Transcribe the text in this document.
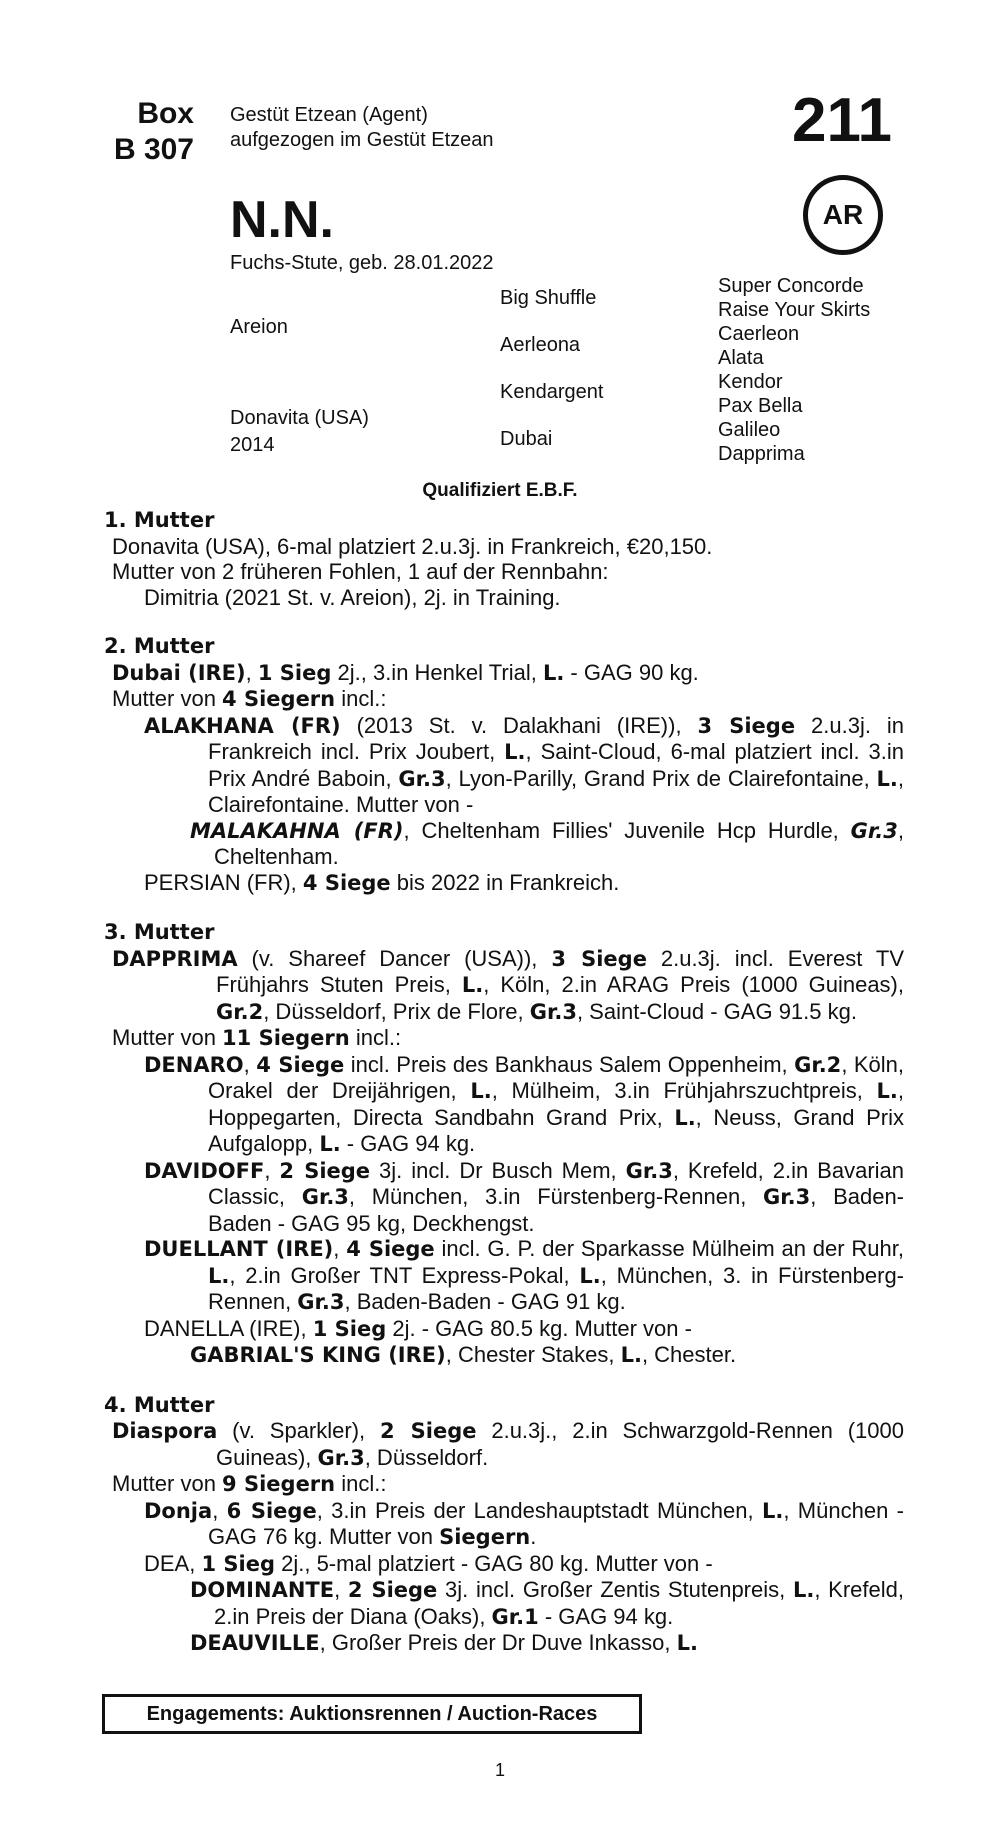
Box
B 307
Gestüt Etzean (Agent)
aufgezogen im Gestüt Etzean	211
AR
N.N.
Fuchs-Stute, geb. 28.01.2022
Areion
Donavita (USA)
2014
Big Shuffle
Aerleona
Kendargent
Dubai
Super Concorde
Raise Your Skirts
Caerleon
Alata
Kendor
Pax Bella
Galileo
Dapprima
Qualifiziert E.B.F.
1. Mutter
Donavita (USA), 6-mal platziert 2.u.3j. in Frankreich, €20,150.
Mutter von 2 früheren Fohlen, 1 auf der Rennbahn:
Dimitria (2021 St. v. Areion), 2j. in Training.
2. Mutter
Dubai (IRE), 1 Sieg 2j., 3.in Henkel Trial, L. - GAG 90 kg.
Mutter von 4 Siegern incl.:
ALAKHANA (FR) (2013 St. v. Dalakhani (IRE)), 3 Siege 2.u.3j. in Frankreich incl. Prix Joubert, L., Saint-Cloud, 6-mal platziert incl. 3.in Prix André Baboin, Gr.3, Lyon-Parilly, Grand Prix de Clairefontaine, L., Clairefontaine. Mutter von -
MALAKAHNA (FR), Cheltenham Fillies' Juvenile Hcp Hurdle, Gr.3, Cheltenham.
PERSIAN (FR), 4 Siege bis 2022 in Frankreich.
3. Mutter
DAPPRIMA (v. Shareef Dancer (USA)), 3 Siege 2.u.3j. incl. Everest TV Frühjahrs Stuten Preis, L., Köln, 2.in ARAG Preis (1000 Guineas), Gr.2, Düsseldorf, Prix de Flore, Gr.3, Saint-Cloud - GAG 91.5 kg.
Mutter von 11 Siegern incl.:
DENARO, 4 Siege incl. Preis des Bankhaus Salem Oppenheim, Gr.2, Köln, Orakel der Dreijährigen, L., Mülheim, 3.in Frühjahrszuchtpreis, L., Hoppegarten, Directa Sandbahn Grand Prix, L., Neuss, Grand Prix Aufgalopp, L. - GAG 94 kg.
DAVIDOFF, 2 Siege 3j. incl. Dr Busch Mem, Gr.3, Krefeld, 2.in Bavarian Classic, Gr.3, München, 3.in Fürstenberg-Rennen, Gr.3, Baden-Baden - GAG 95 kg, Deckhengst.
DUELLANT (IRE), 4 Siege incl. G. P. der Sparkasse Mülheim an der Ruhr, L., 2.in Großer TNT Express-Pokal, L., München, 3. in Fürstenberg-Rennen, Gr.3, Baden-Baden - GAG 91 kg.
DANELLA (IRE), 1 Sieg 2j. - GAG 80.5 kg. Mutter von -
GABRIAL'S KING (IRE), Chester Stakes, L., Chester.
4. Mutter
Diaspora (v. Sparkler), 2 Siege 2.u.3j., 2.in Schwarzgold-Rennen (1000 Guineas), Gr.3, Düsseldorf.
Mutter von 9 Siegern incl.:
Donja, 6 Siege, 3.in Preis der Landeshauptstadt München, L., München - GAG 76 kg. Mutter von Siegern.
DEA, 1 Sieg 2j., 5-mal platziert - GAG 80 kg. Mutter von -
DOMINANTE, 2 Siege 3j. incl. Großer Zentis Stutenpreis, L., Krefeld, 2.in Preis der Diana (Oaks), Gr.1 - GAG 94 kg.
DEAUVILLE, Großer Preis der Dr Duve Inkasso, L.
Engagements: Auktionsrennen / Auction-Races
1
